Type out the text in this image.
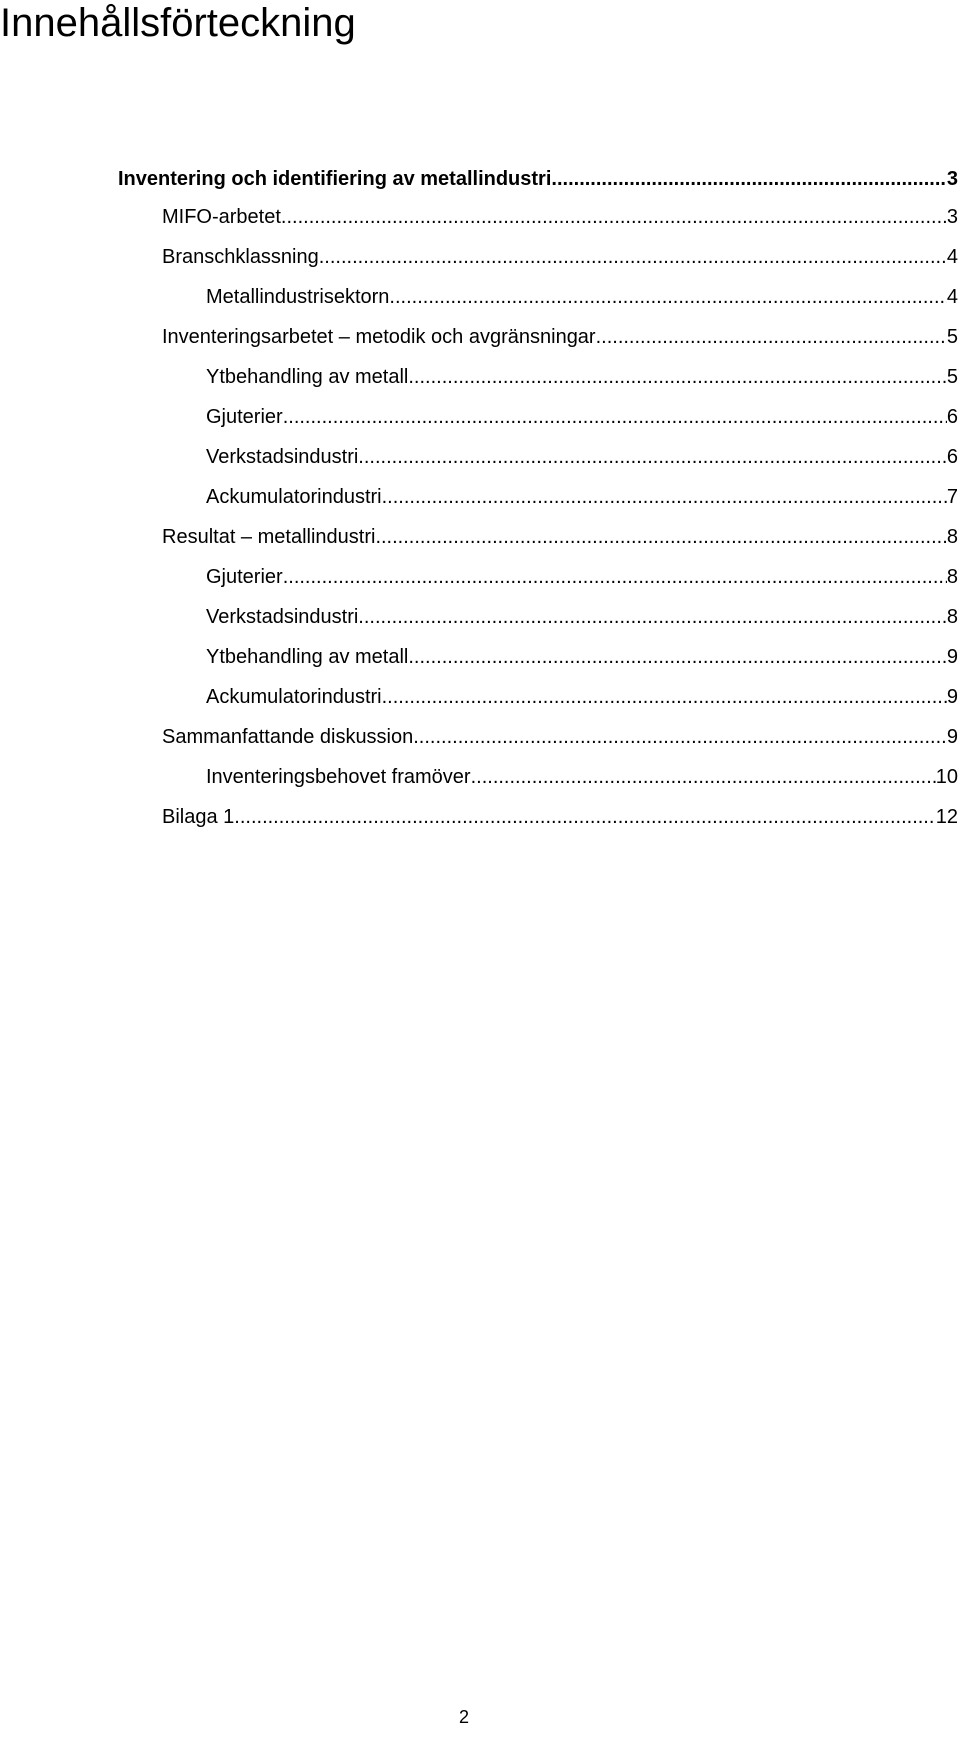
Innehållsförteckning
Inventering och identifiering av metallindustri .....	3
MIFO-arbetet .....	3
Branschklassning .....	4
Metallindustrisektorn .....	4
Inventeringsarbetet – metodik och avgränsningar .....	5
Ytbehandling av metall .....	5
Gjuterier .....	6
Verkstadsindustri .....	6
Ackumulatorindustri .....	7
Resultat – metallindustri .....	8
Gjuterier .....	8
Verkstadsindustri .....	8
Ytbehandling av metall .....	9
Ackumulatorindustri .....	9
Sammanfattande diskussion .....	9
Inventeringsbehovet framöver .....	10
Bilaga 1 .....	12
2
